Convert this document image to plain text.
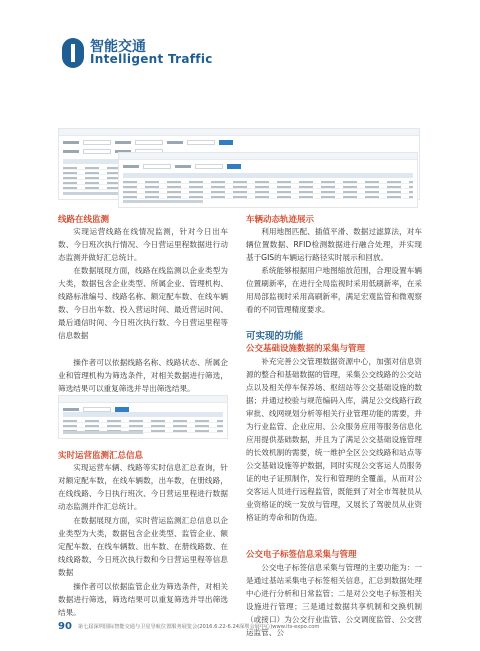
智能交通
Intelligent Traffic
线路在线监测
实现运营线路在线情况监测，针对今日出车数、今日班次执行情况、今日营运里程数据进行动态监测并做好汇总统计。
在数据展现方面，线路在线监测以企业类型为大类，数据包含企业类型、所属企业、管理机构、线路标准编号、线路名称、额定配车数、在线车辆数、今日出车数、投入营运时间、最近营运时间、最后通信时间、今日班次执行数、今日营运里程等信息数据
操作者可以依据线路名称、线路状态、所属企业和管理机构为筛选条件，对相关数据进行筛选，筛选结果可以重复筛选并导出筛选结果。
实时运营监测汇总信息
实现运营车辆、线路等实时信息汇总查询，针对额定配车数，在线车辆数，出车数，在册线路，在线线路、今日执行班次、今日营运里程进行数据动态监测并作汇总统计。
在数据展现方面，实时营运监测汇总信息以企业类型为大类，数据包含企业类型、监管企业、额定配车数、在线车辆数、出车数、在册线路数、在线线路数、今日班次执行数和今日营运里程等信息数据
操作者可以依据监管企业为筛选条件，对相关数据进行筛选，筛选结果可以重复筛选并导出筛选结果。
车辆动态轨迹展示
利用地图匹配、插值平滑、数据过滤算法，对车辆位置数据、RFID检测数据进行融合处理，并实现基于GIS的车辆运行路径实时展示和回放。
系统能够根据用户地图缩放范围，合理设置车辆位置刷新率，在进行全局监视时采用低刷新率，在采用局部监视时采用高刷新率，满足宏观监管和微观察看的不同管理精度要求。
可实现的功能
公交基础设施数据的采集与管理
补充完善公交管理数据资源中心，加强对信息资源的整合和基础数据的管理，采集公交线路的公交站点以及相关停车保养场、枢纽站等公交基础设施的数据；并通过校验与规范编码入库，满足公交线路行政审批、线网规划分析等相关行业管理功能的需要，并为行业监管、企业应用、公众服务应用等服务信息化应用提供基础数据，并且为了满足公交基础设施管理的长效机制的需要，统一维护全区公交线路和站点等公交基础设施等护数据，同时实现公交客运人员服务证的电子证照制作，发行和管理的全覆盖，从而对公交客运人员进行远程监管，既能到了对全市驾驶员从业资格证的统一发放与管理，又展长了驾驶员从业资格证的寿命和防伪造。
公交电子标签信息采集与管理
公交电子标签信息采集与管理的主要功能为：一是通过基站采集电子标签相关信息，汇总到数据处理中心进行分析和日常监管；二是对公交电子标签相关设施进行管理；三是通过数据共享机制和交换机制（或接口）为公交行业监管、公交调度监管、公交营运监管、公
90 第七届深圳国际智能交通与卫星导航位置服务展览会(2016.6.22-6.24深圳会展中心)www.its-expo.com
